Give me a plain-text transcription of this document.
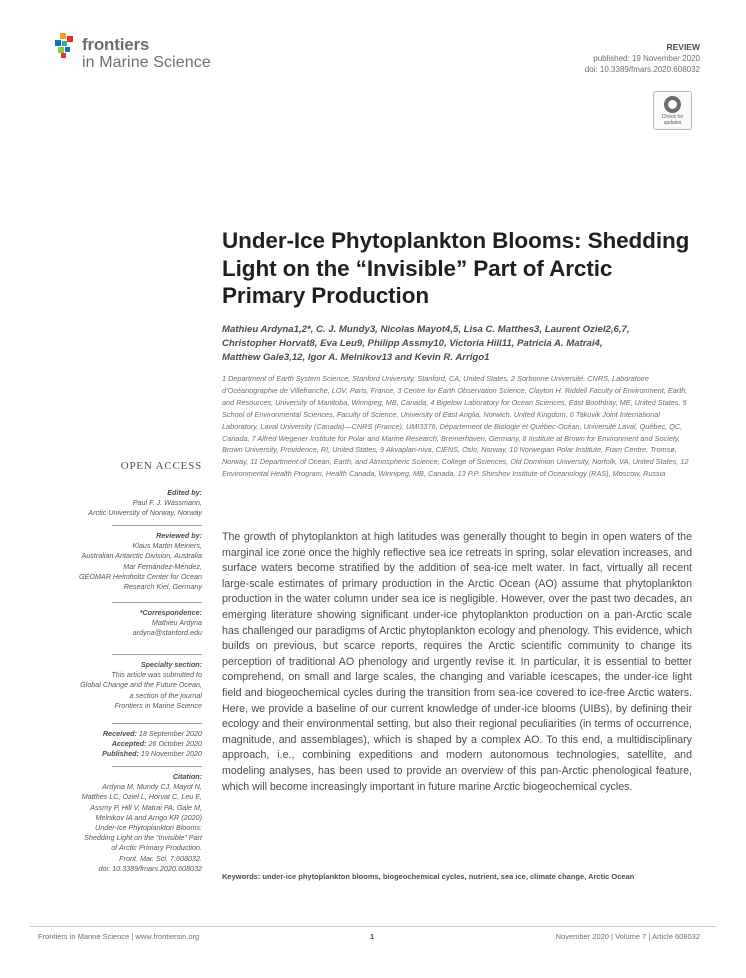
frontiers
in Marine Science
REVIEW
published: 19 November 2020
doi: 10.3389/fmars.2020.608032
Check for updates
Under-Ice Phytoplankton Blooms: Shedding Light on the “Invisible” Part of Arctic Primary Production
Mathieu Ardyna1,2*, C. J. Mundy3, Nicolas Mayot4,5, Lisa C. Matthes3, Laurent Oziel2,6,7,
Christopher Horvat8, Eva Leu9, Philipp Assmy10, Victoria Hill11, Patricia A. Matrai4,
Matthew Gale3,12, Igor A. Melnikov13 and Kevin R. Arrigo1
1 Department of Earth System Science, Stanford University, Stanford, CA, United States, 2 Sorbonne Université, CNRS, Laboratoire d’Océanographie de Villefranche, LOV, Paris, France, 3 Centre for Earth Observation Science, Clayton H. Riddell Faculty of Environment, Earth, and Resources, University of Manitoba, Winnipeg, MB, Canada, 4 Bigelow Laboratory for Ocean Sciences, East Boothbay, ME, United States, 5 School of Environmental Sciences, Faculty of Science, University of East Anglia, Norwich, United Kingdom, 6 Takuvik Joint International Laboratory, Laval University (Canada)—CNRS (France), UMI3376, Département de Biologie et Québec-Océan, Université Laval, Québec, QC, Canada, 7 Alfred Wegener Institute for Polar and Marine Research, Bremerhaven, Germany, 8 Institute at Brown for Environment and Society, Brown University, Providence, RI, United States, 9 Akvaplan-niva, CIENS, Oslo, Norway, 10 Norwegian Polar Institute, Fram Centre, Tromsø, Norway, 11 Department of Ocean, Earth, and Atmospheric Science, College of Sciences, Old Dominion University, Norfolk, VA, United States, 12 Environmental Health Program, Health Canada, Winnipeg, MB, Canada, 13 P.P. Shirshov Institute of Oceanology (RAS), Moscow, Russia
OPEN ACCESS
Edited by:
Paul F. J. Wassmann,
Arctic University of Norway, Norway
Reviewed by:
Klaus Martin Meiners,
Australian Antarctic Division, Australia
Mar Fernández-Méndez,
GEOMAR Helmholtz Center for Ocean
Research Kiel, Germany
*Correspondence:
Mathieu Ardyna
ardyna@stanford.edu
Specialty section:
This article was submitted to
Global Change and the Future Ocean,
a section of the journal
Frontiers in Marine Science
Received: 18 September 2020
Accepted: 26 October 2020
Published: 19 November 2020
Citation:
Ardyna M, Mundy CJ, Mayot N,
Matthes LC, Oziel L, Horvat C, Leu E,
Assmy P, Hill V, Matrai PA, Gale M,
Melnikov IA and Arrigo KR (2020)
Under-Ice Phytoplankton Blooms:
Shedding Light on the “Invisible” Part
of Arctic Primary Production.
Front. Mar. Sci. 7:608032.
doi: 10.3389/fmars.2020.608032
The growth of phytoplankton at high latitudes was generally thought to begin in open waters of the marginal ice zone once the highly reflective sea ice retreats in spring, solar elevation increases, and surface waters become stratified by the addition of sea-ice melt water. In fact, virtually all recent large-scale estimates of primary production in the Arctic Ocean (AO) assume that phytoplankton production in the water column under sea ice is negligible. However, over the past two decades, an emerging literature showing significant under-ice phytoplankton production on a pan-Arctic scale has challenged our paradigms of Arctic phytoplankton ecology and phenology. This evidence, which builds on previous, but scarce reports, requires the Arctic scientific community to change its perception of traditional AO phenology and urgently revise it. In particular, it is essential to better comprehend, on small and large scales, the changing and variable icescapes, the under-ice light field and biogeochemical cycles during the transition from sea-ice covered to ice-free Arctic waters. Here, we provide a baseline of our current knowledge of under-ice blooms (UIBs), by defining their ecology and their environmental setting, but also their regional peculiarities (in terms of occurrence, magnitude, and assemblages), which is shaped by a complex AO. To this end, a multidisciplinary approach, i.e., combining expeditions and modern autonomous technologies, satellite, and modeling analyses, has been used to provide an overview of this pan-Arctic phenological feature, which will become increasingly important in future marine Arctic biogeochemical cycles.
Keywords: under-ice phytoplankton blooms, biogeochemical cycles, nutrient, sea ice, climate change, Arctic Ocean
Frontiers in Marine Science | www.frontiersin.org	1	November 2020 | Volume 7 | Article 608032
